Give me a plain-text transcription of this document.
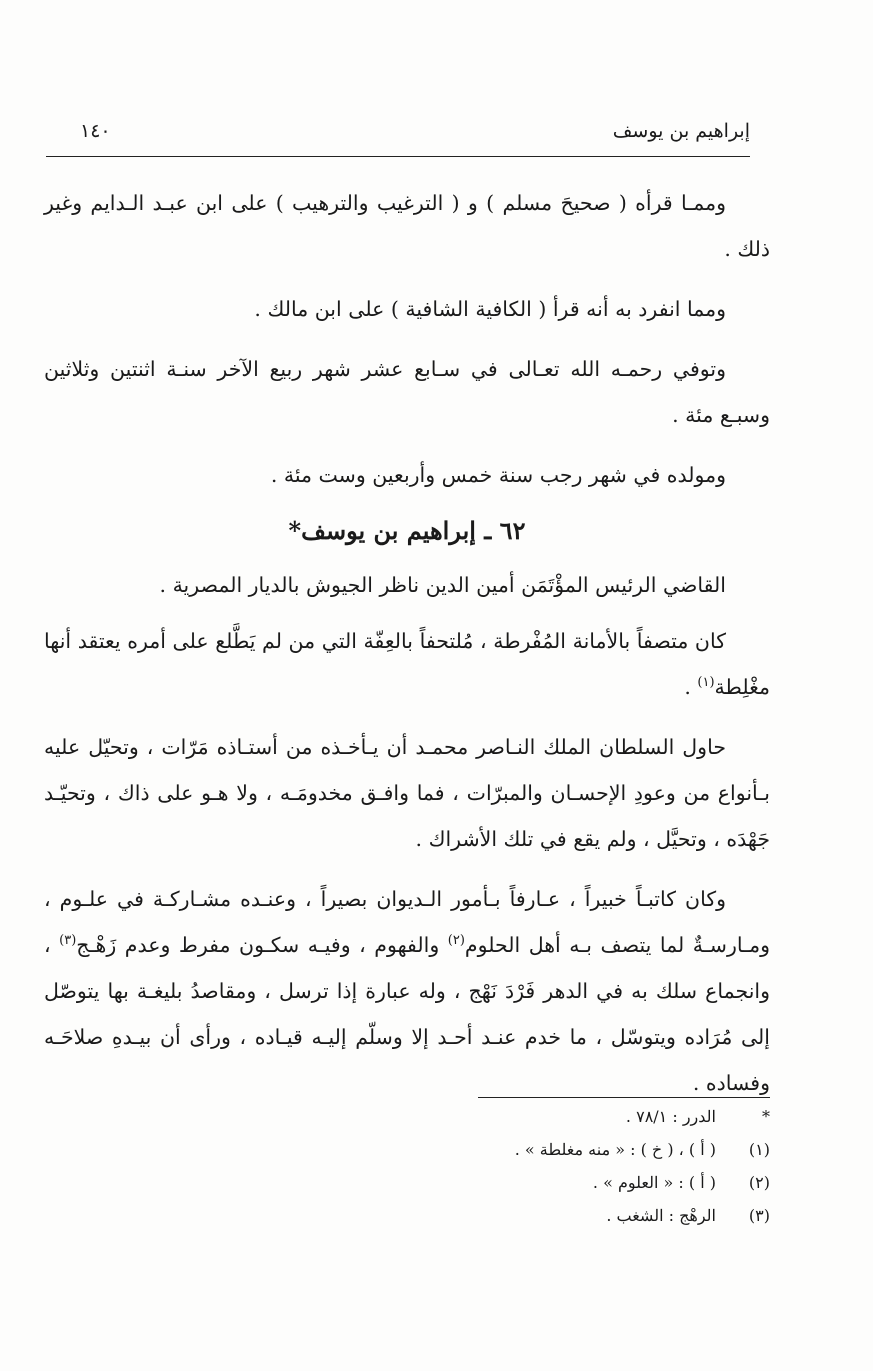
إبراهيم بن يوسف
١٤٠

وممـا قرأه ( صحيحَ مسلم ) و ( الترغيب والترهيب ) على ابن عبـد الـدايم وغير ذلك .

ومما انفرد به أنه قرأ ( الكافية الشافية ) على ابن مالك .

وتوفي رحمـه الله تعـالى في سـابع عشر شهر ربيع الآخر سنـة اثنتين وثلاثين وسبـع مئة .

ومولده في شهر رجب سنة خمس وأربعين وست مئة .

٦٢ ـ إبراهيم بن يوسف*

القاضي الرئيس المؤْتَمَن أمين الدين ناظر الجيوش بالديار المصرية .

كان متصفاً بالأمانة المُفْرطة ، مُلتحفاً بالعِفّة التي من لم يَطَّلع على أمره يعتقد أنها مغْلِطة$^{(١)}$ .

حاول السلطان الملك النـاصر محمـد أن يـأخـذه من أستـاذه مَرّات ، وتحيّل عليه بـأنواع من وعودِ الإحسـان والمبرّات ، فما وافـق مخدومَـه ، ولا هـو على ذاك ، وتحيّـد جَهْدَه ، وتحيَّل ، ولم يقع في تلك الأشراك .

وكان كاتبـاً خبيراً ، عـارفاً بـأمور الـديوان بصيراً ، وعنـده مشـاركـة في علـوم ، ومـارسـةٌ لما يتصف بـه أهل الحلوم$^{(٢)}$ والفهوم ، وفيـه سكـون مفرط وعدم زَهْـج$^{(٣)}$ ، وانجماع سلك به في الدهر فَرْدَ نَهْج ، وله عبارة إذا ترسل ، ومقاصدُ بليغـة بها يتوصّل إلى مُرَاده ويتوسّل ، ما خدم عنـد أحـد إلا وسلّم إليـه قيـاده ، ورأى أن بيـدهِ صلاحَـه وفساده .

*
الدرر : ٧٨/١ .
(١)
( أ ) ، ( خ ) : « منه مغلطة » .
(٢)
( أ ) : « العلوم » .
(٣)
الرهْج : الشغب .
